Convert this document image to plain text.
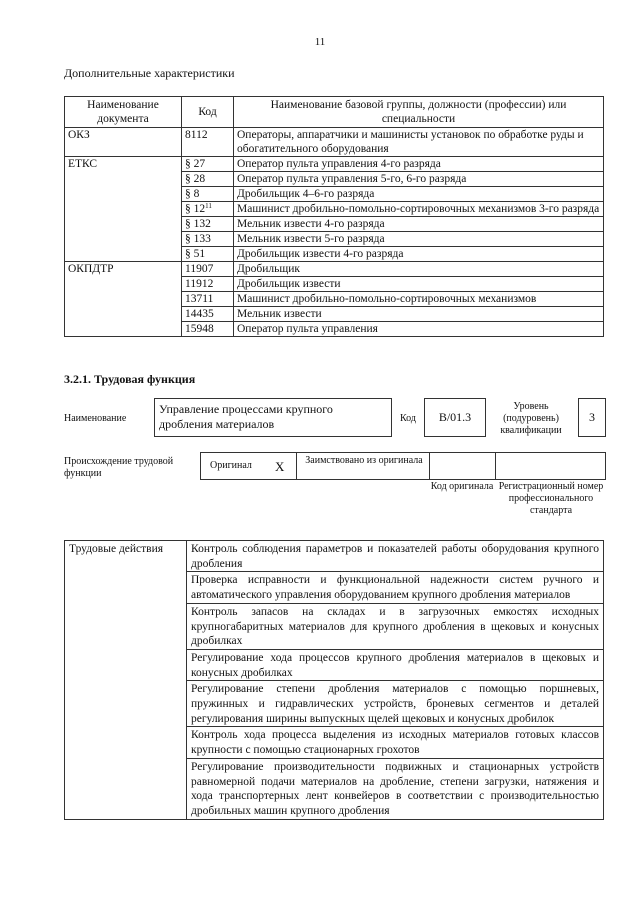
11
Дополнительные характеристики
Наименование документа	Код	Наименование базовой группы, должности (профессии) или специальности
ОКЗ	8112	Операторы, аппаратчики и машинисты установок по обработке руды и обогатительного оборудования
ЕТКС	§ 27	Оператор пульта управления 4-го разряда
	§ 28	Оператор пульта управления 5-го, 6-го разряда
	§ 8	Дробильщик 4–6-го разряда
	§ $12^{11}$	Машинист дробильно-помольно-сортировочных механизмов 3-го разряда
	§ 132	Мельник извести 4-го разряда
	§ 133	Мельник извести 5-го разряда
	§ 51	Дробильщик извести 4-го разряда
ОКПДТР	11907	Дробильщик
	11912	Дробильщик извести
	13711	Машинист дробильно-помольно-сортировочных механизмов
	14435	Мельник извести
	15948	Оператор пульта управления
3.2.1. Трудовая функция
Наименование
Управление процессами крупного дробления материалов	Код	B/01.3
Уровень (подуровень) квалификации
3
Происхождение трудовой функции
Оригинал X	Заимствовано из оригинала
Код оригинала Регистрационный номер профессионального стандарта
Трудовые действия	Контроль соблюдения параметров и показателей работы оборудования крупного дробления
Проверка исправности и функциональной надежности систем ручного и автоматического управления оборудованием крупного дробления материалов
Контроль запасов на складах и в загрузочных емкостях исходных крупногабаритных материалов для крупного дробления в щековых и конусных дробилках
Регулирование хода процессов крупного дробления материалов в щековых и конусных дробилках
Регулирование степени дробления материалов с помощью поршневых, пружинных и гидравлических устройств, броневых сегментов и деталей регулирования ширины выпускных щелей щековых и конусных дробилок
Контроль хода процесса выделения из исходных материалов готовых классов крупности с помощью стационарных грохотов
Регулирование производительности подвижных и стационарных устройств равномерной подачи материалов на дробление, степени загрузки, натяжения и хода транспортерных лент конвейеров в соответствии с производительностью дробильных машин крупного дробления
